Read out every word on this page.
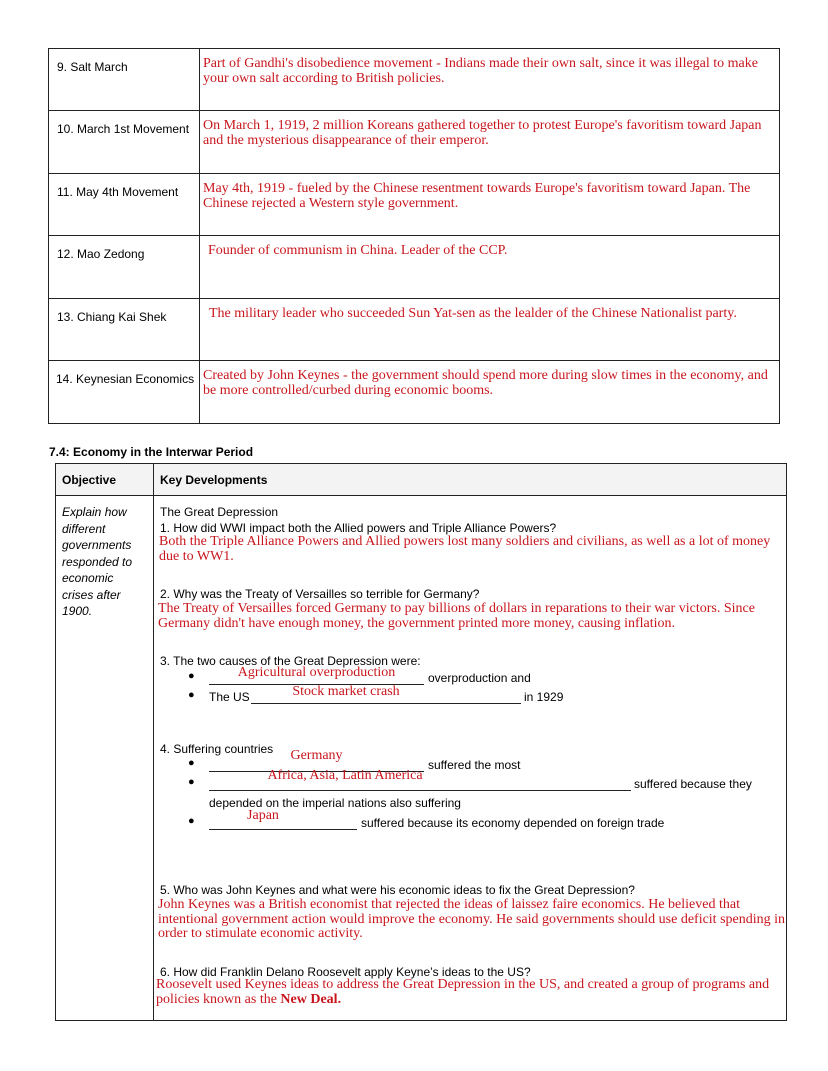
9. Salt March	Part of Gandhi's disobedience movement - Indians made their own salt, since it was illegal to make your own salt according to British policies.

10. March 1st Movement	On March 1, 1919, 2 million Koreans gathered together to protest Europe's favoritism toward Japan and the mysterious disappearance of their emperor.

11. May 4th Movement	May 4th, 1919 - fueled by the Chinese resentment towards Europe's favoritism toward Japan. The Chinese rejected a Western style government.

12. Mao Zedong	Founder of communism in China. Leader of the CCP.

13. Chiang Kai Shek	The military leader who succeeded Sun Yat-sen as the lealder of the Chinese Nationalist party.

14. Keynesian Economics	Created by John Keynes - the government should spend more during slow times in the economy, and be more controlled/curbed during economic booms.
7.4: Economy in the Interwar Period
Objective	Key Developments
Explain how different governments responded to economic crises after 1900.
The Great Depression
1. How did WWI impact both the Allied powers and Triple Alliance Powers?
Both the Triple Alliance Powers and Allied powers lost many soldiers and civilians, as well as a lot of money due to WW1.
2. Why was the Treaty of Versailles so terrible for Germany?
The Treaty of Versailles forced Germany to pay billions of dollars in reparations to their war victors. Since Germany didn't have enough money, the government printed more money, causing inflation.
3. The two causes of the Great Depression were:
●	Agricultural overproduction	overproduction and
● The US	Stock market crash	in 1929
4. Suffering countries
●	Germany
suffered the most
●	Africa, Asia, Latin America
suffered because they
depended on the imperial nations also suffering
●	Japan	suffered because its economy depended on foreign trade
5. Who was John Keynes and what were his economic ideas to fix the Great Depression?
John Keynes was a British economist that rejected the ideas of laissez faire economics. He believed that intentional government action would improve the economy. He said governments should use deficit spending in order to stimulate economic activity.
6. How did Franklin Delano Roosevelt apply Keyne’s ideas to the US?
Roosevelt used Keynes ideas to address the Great Depression in the US, and created a group of programs and policies known as the New Deal.
